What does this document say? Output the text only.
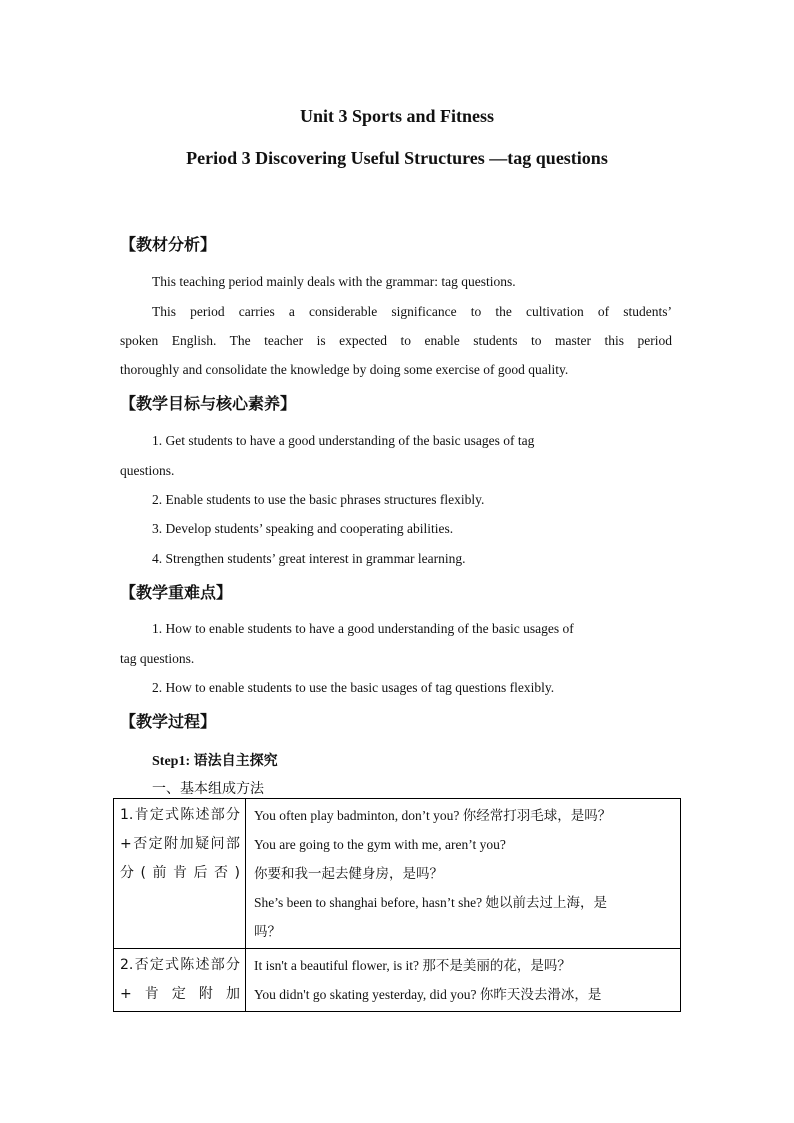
Unit 3 Sports and Fitness
Period 3 Discovering Useful Structures —tag questions
【教材分析】
This teaching period mainly deals with the grammar: tag questions.
This period carries a considerable significance to the cultivation of students’
spoken English. The teacher is expected to enable students to master this period
thoroughly and consolidate the knowledge by doing some exercise of good quality.
【教学目标与核心素养】
1. Get students to have a good understanding of the basic usages of tag
questions.
2. Enable students to use the basic phrases structures flexibly.
3. Develop students’ speaking and cooperating abilities.
4. Strengthen students’ great interest in grammar learning.
【教学重难点】
1. How to enable students to have a good understanding of the basic usages of
tag questions.
2. How to enable students to use the basic usages of tag questions flexibly.
【教学过程】
Step1: 语法自主探究
一、基本组成方法
1.肯定式陈述部分+否定附加疑问部分(前肯后否)	You often play badminton, don’t you? 你经常打羽毛球，是吗？
You are going to the gym with me, aren’t you?
你要和我一起去健身房，是吗？
She’s been to shanghai before, hasn’t she? 她以前去过上海，是
吗？

2.否定式陈述部分+肯定附加	It isn't a beautiful flower, is it? 那不是美丽的花，是吗？
You didn't go skating yesterday, did you? 你昨天没去滑冰，是
